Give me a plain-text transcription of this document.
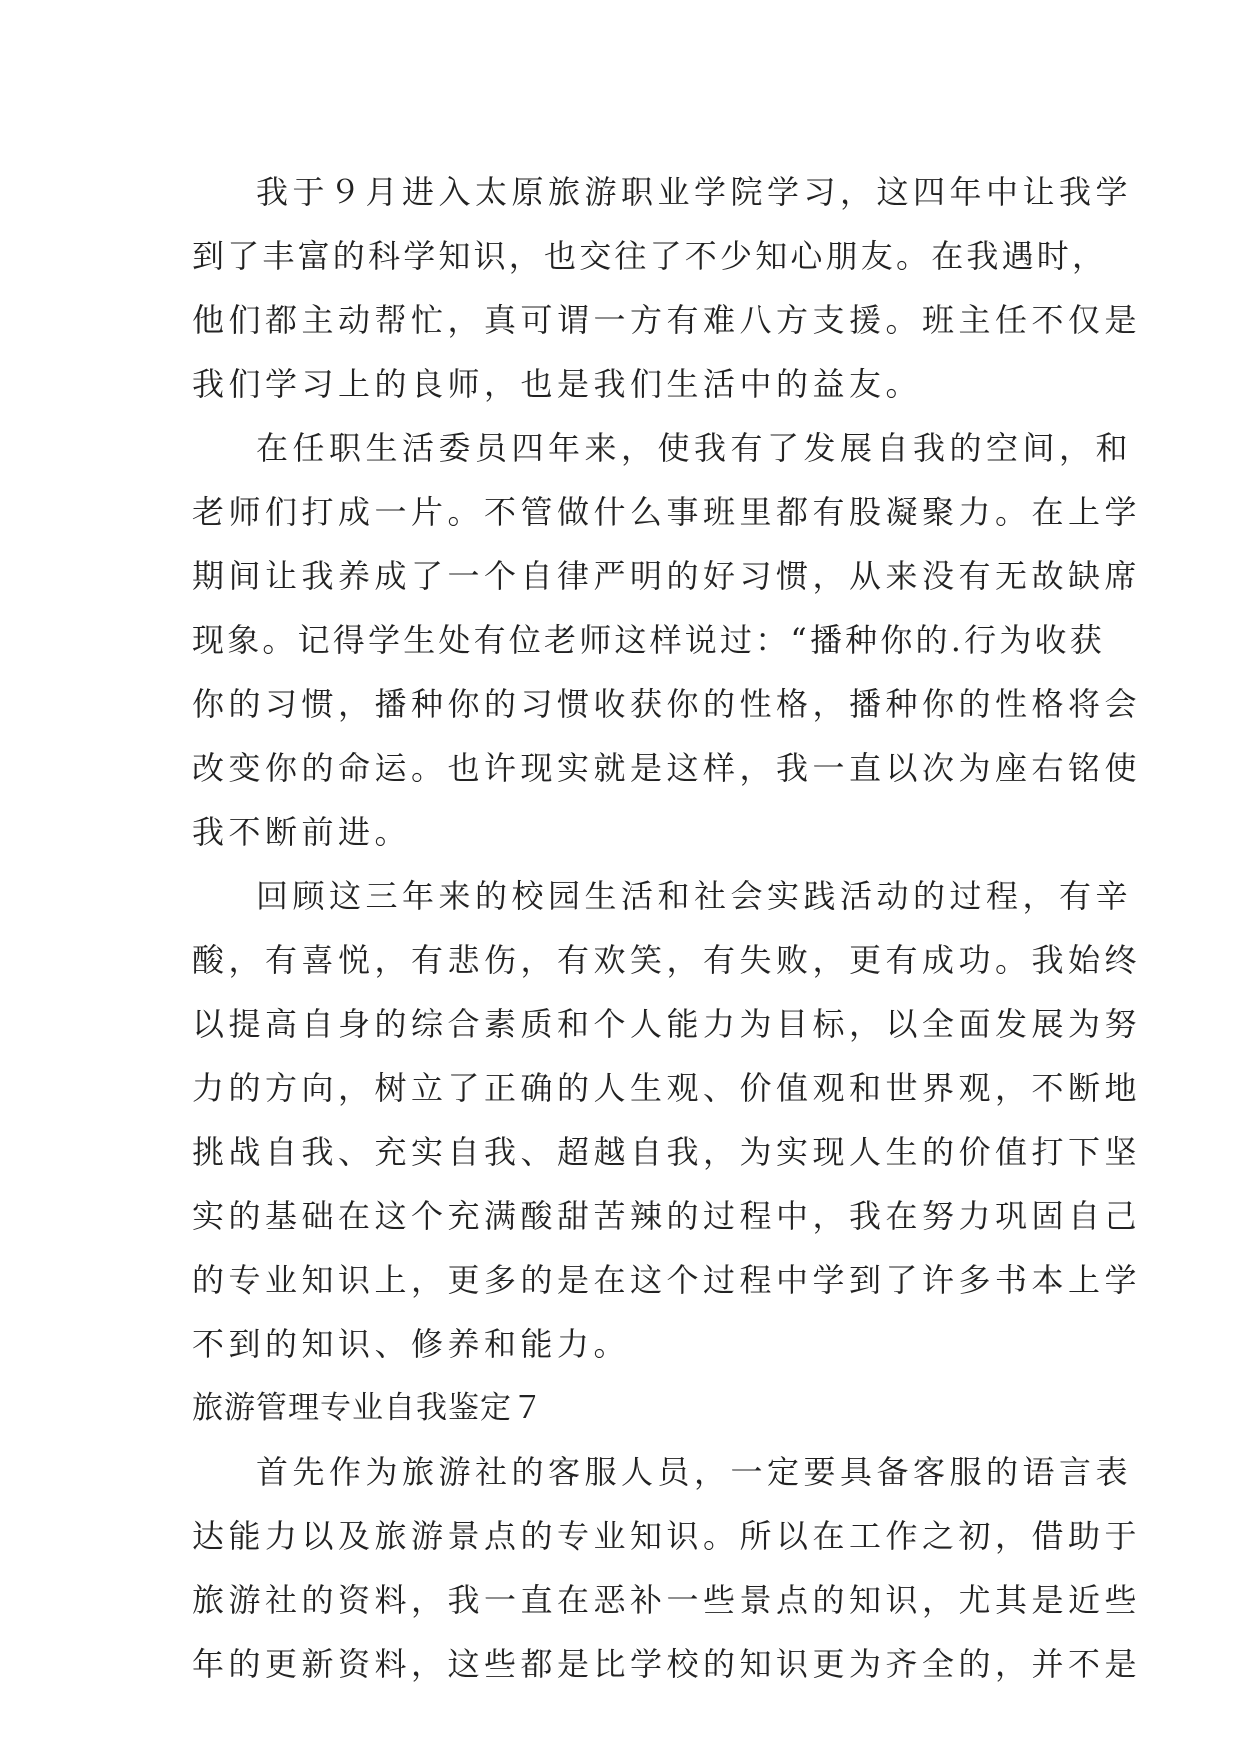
我于９月进入太原旅游职业学院学习，这四年中让我学
到了丰富的科学知识，也交往了不少知心朋友。在我遇时，
他们都主动帮忙，真可谓一方有难八方支援。班主任不仅是
我们学习上的良师，也是我们生活中的益友。
在任职生活委员四年来，使我有了发展自我的空间，和
老师们打成一片。不管做什么事班里都有股凝聚力。在上学
期间让我养成了一个自律严明的好习惯，从来没有无故缺席
现象。记得学生处有位老师这样说过：“播种你的.行为收获
你的习惯，播种你的习惯收获你的性格，播种你的性格将会
改变你的命运。也许现实就是这样，我一直以次为座右铭使
我不断前进。
回顾这三年来的校园生活和社会实践活动的过程，有辛
酸，有喜悦，有悲伤，有欢笑，有失败，更有成功。我始终
以提高自身的综合素质和个人能力为目标，以全面发展为努
力的方向，树立了正确的人生观、价值观和世界观，不断地
挑战自我、充实自我、超越自我，为实现人生的价值打下坚
实的基础在这个充满酸甜苦辣的过程中，我在努力巩固自己
的专业知识上，更多的是在这个过程中学到了许多书本上学
不到的知识、修养和能力。
旅游管理专业自我鉴定７
首先作为旅游社的客服人员，一定要具备客服的语言表
达能力以及旅游景点的专业知识。所以在工作之初，借助于
旅游社的资料，我一直在恶补一些景点的知识，尤其是近些
年的更新资料，这些都是比学校的知识更为齐全的，并不是
